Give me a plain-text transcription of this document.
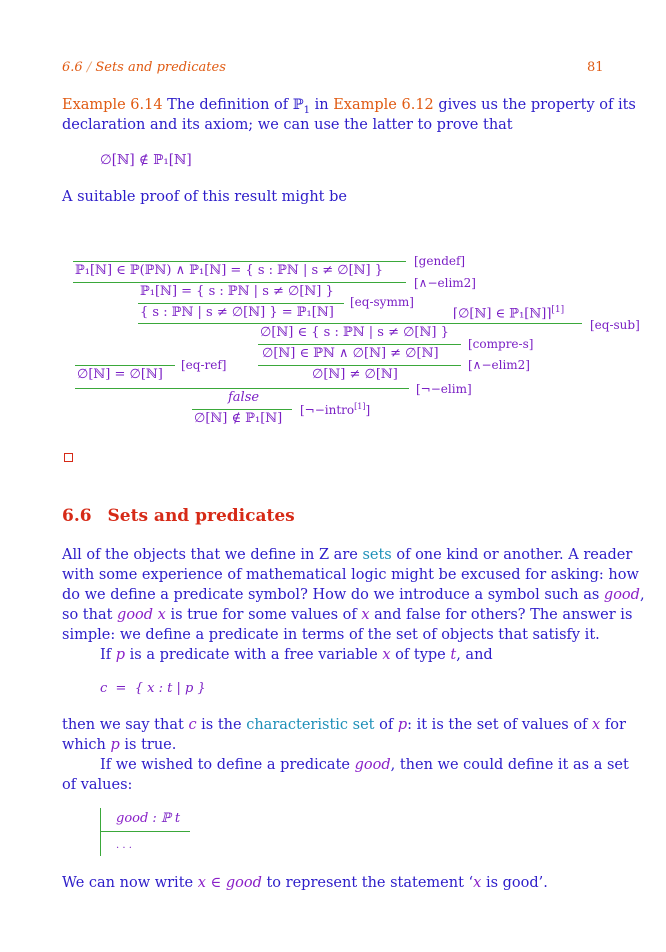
6.6 / Sets and predicates	81
Example 6.14 The definition of ℙ$_1$ in Example 6.12 gives us the property of its
declaration and its axiom; we can use the latter to prove that
∅[ℕ] ∉ ℙ₁[ℕ]
A suitable proof of this result might be
[gendef]
ℙ₁[ℕ] ∈ ℙ(ℙℕ) ∧ ℙ₁[ℕ] = { s : ℙℕ | s ≠ ∅[ℕ] }
[∧−elim2]
ℙ₁[ℕ] = { s : ℙℕ | s ≠ ∅[ℕ] }
[eq-symm]
{ s : ℙℕ | s ≠ ∅[ℕ] } = ℙ₁[ℕ]	⌈∅[ℕ] ∈ ℙ₁[ℕ]⌉[1]
[eq-sub]
∅[ℕ] ∈ { s : ℙℕ | s ≠ ∅[ℕ] }
[compre-s]
∅[ℕ] ∈ ℙℕ ∧ ∅[ℕ] ≠ ∅[ℕ]
[∧−elim2]
[eq-ref]
∅[ℕ] = ∅[ℕ]	∅[ℕ] ≠ ∅[ℕ]
[¬−elim]
false
[¬−intro[1]]
∅[ℕ] ∉ ℙ₁[ℕ]
6.6 Sets and predicates
All of the objects that we define in Z are sets of one kind or another. A reader
with some experience of mathematical logic might be excused for asking: how
do we define a predicate symbol? How do we introduce a symbol such as good,
so that good x is true for some values of x and false for others? The answer is
simple: we define a predicate in terms of the set of objects that satisfy it.
If p is a predicate with a free variable x of type t, and
c  =  { x : t | p }
then we say that c is the characteristic set of p: it is the set of values of x for
which p is true.
If we wished to define a predicate good, then we could define it as a set
of values:
good : ℙ t
. . .
We can now write x ∈ good to represent the statement ‘x is good’.
